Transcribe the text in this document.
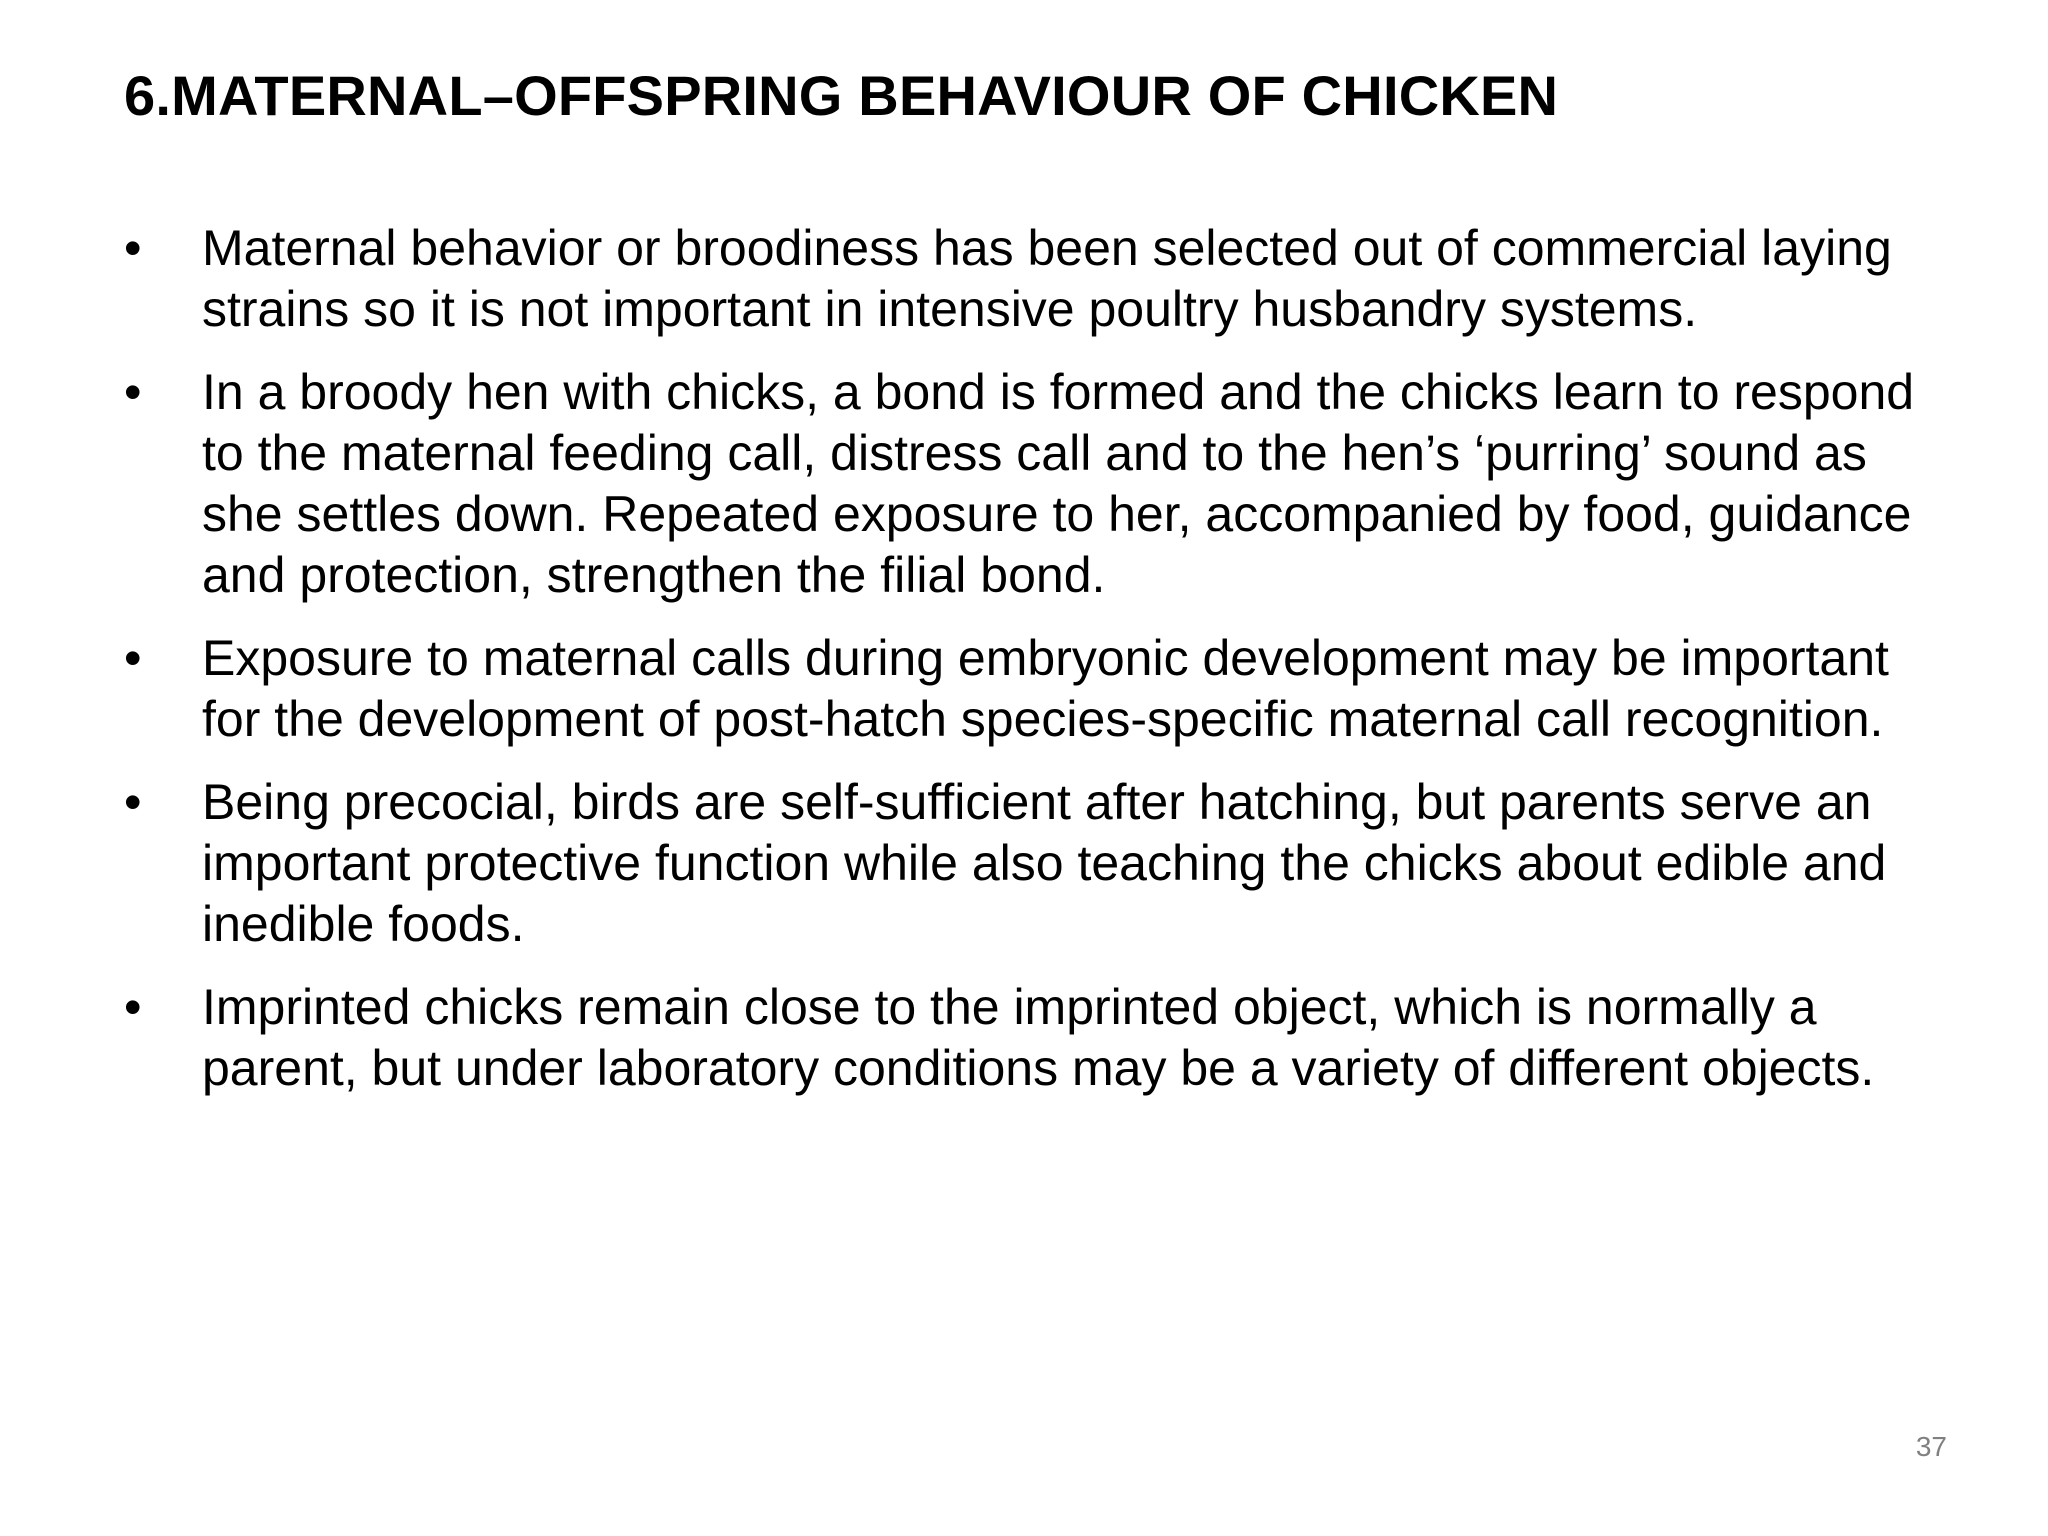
6.MATERNAL–OFFSPRING BEHAVIOUR OF CHICKEN
•	Maternal behavior or broodiness has been selected out of commercial laying strains so it is not important in intensive poultry husbandry systems.
•	In a broody hen with chicks, a bond is formed and the chicks learn to respond to the maternal feeding call, distress call and to the hen’s ‘purring’ sound as she settles down. Repeated exposure to her, accompanied by food, guidance and protection, strengthen the filial bond.
•	Exposure to maternal calls during embryonic development may be important for the development of post-hatch species-specific maternal call recognition.
•	Being precocial, birds are self-sufficient after hatching, but parents serve an important protective function while also teaching the chicks about edible and inedible foods.
•	Imprinted chicks remain close to the imprinted object, which is normally a parent, but under laboratory conditions may be a variety of different objects.
37
